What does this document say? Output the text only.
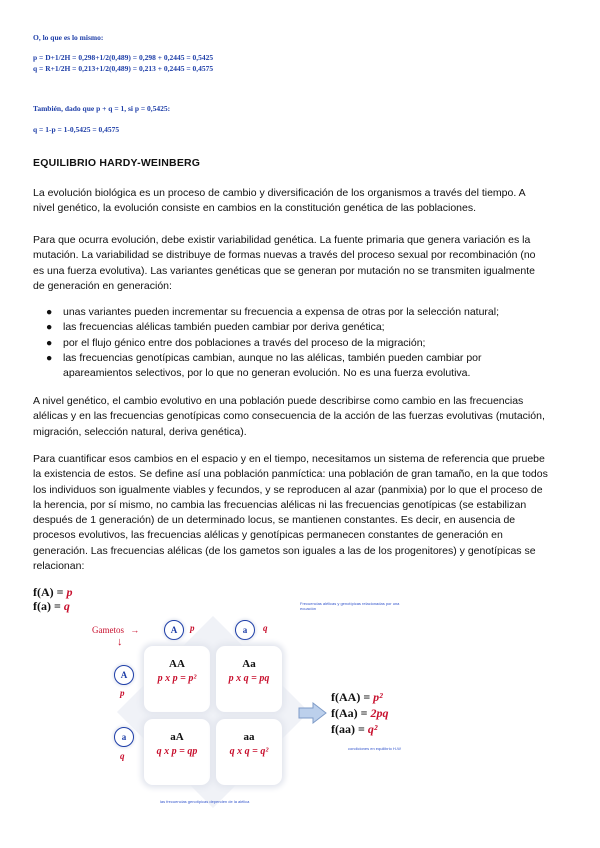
O, lo que es lo mismo:
p = D+1/2H = 0,298+1/2(0,489) = 0,298 + 0,2445 = 0,5425
q = R+1/2H = 0,213+1/2(0,489) = 0,213 + 0,2445 = 0,4575
También, dado que p + q = 1, si p = 0,5425:
q = 1-p = 1-0,5425 = 0,4575
EQUILIBRIO HARDY-WEINBERG

La evolución biológica es un proceso de cambio y diversificación de los organismos a través del tiempo. A nivel genético, la evolución consiste en cambios en la constitución genética de las poblaciones.

Para que ocurra evolución, debe existir variabilidad genética. La fuente primaria que genera variación es la mutación. La variabilidad se distribuye de formas nuevas a través del proceso sexual por recombinación (no es una fuerza evolutiva). Las variantes genéticas que se generan por mutación no se transmiten igualmente de generación en generación:

● unas variantes pueden incrementar su frecuencia a expensa de otras por la selección natural;
● las frecuencias alélicas también pueden cambiar por deriva genética;
● por el flujo génico entre dos poblaciones a través del proceso de la migración;
● las frecuencias genotípicas cambian, aunque no las alélicas, también pueden cambiar por apareamientos selectivos, por lo que no generan evolución. No es una fuerza evolutiva.

A nivel genético, el cambio evolutivo en una población puede describirse como cambio en las frecuencias alélicas y en las frecuencias genotípicas como consecuencia de la acción de las fuerzas evolutivas (mutación, migración, selección natural, deriva genética).

Para cuantificar esos cambios en el espacio y en el tiempo, necesitamos un sistema de referencia que pruebe la existencia de estos. Se define así una población panmíctica: una población de gran tamaño, en la que todos los individuos son igualmente viables y fecundos, y se reproducen al azar (panmixia) por lo que el proceso de la herencia, por sí mismo, no cambia las frecuencias alélicas ni las frecuencias genotípicas (se estabilizan después de 1 generación) de un determinado locus, se mantienen constantes. Es decir, en ausencia de procesos evolutivos, las frecuencias alélicas y genotípicas permanecen constantes de generación en generación. Las frecuencias alélicas (de los gametos son iguales a las de los progenitores) y genotípicas se relacionan:

f(A) = p
f(a) = q	Frecuencias alélicas y genotípicas relacionadas por una ecuación
Gametos →
↓
A	p	a	q
A
p
a
q
AA
p x p = p²
Aa
p x q = pq
aA
q x p = qp
aa
q x q = q²
f(AA) = p²
f(Aa) = 2pq
f(aa) = q²
condiciones en equilibrio H-W
las frecuencias genotípicas dependen de la alélica
